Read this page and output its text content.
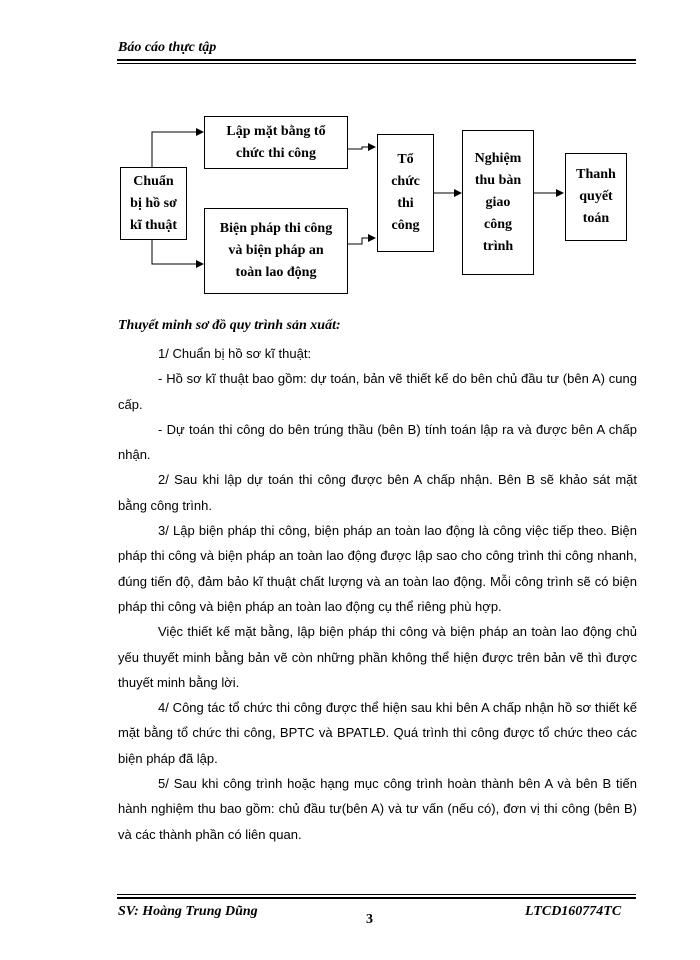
Báo cáo thực tập
Lập mặt bằng tổ
chức thi công
Chuẩn
bị hồ sơ
kĩ thuật	Biện pháp thi công
và biện pháp an
toàn lao động
Tổ
chức
thi
công
Nghiệm
thu bàn
giao
công
trình
Thanh
quyết
toán
Thuyết minh sơ đồ quy trình sản xuất:

1/ Chuẩn bị hồ sơ kĩ thuật:

- Hồ sơ kĩ thuật bao gồm: dự toán, bản vẽ thiết kế do bên chủ đầu tư (bên A) cung cấp.

- Dự toán thi công do bên trúng thầu (bên B) tính toán lập ra và được bên A chấp nhận.

2/ Sau khi lập dự toán thi công được bên A chấp nhận. Bên B sẽ khảo sát mặt bằng công trình.

3/ Lập biện pháp thi công, biện pháp an toàn lao động là công việc tiếp theo. Biện pháp thi công và biện pháp an toàn lao động được lập sao cho công trình thi công nhanh, đúng tiến độ, đảm bảo kĩ thuật chất lượng và an toàn lao động. Mỗi công trình sẽ có biện pháp thi công và biện pháp an toàn lao động cụ thể riêng phù hợp.

Việc thiết kế mặt bằng, lập biện pháp thi công và biện pháp an toàn lao động chủ yếu thuyết minh bằng bản vẽ còn những phần không thể hiện được trên bản vẽ thì được thuyết minh bằng lời.

4/ Công tác tổ chức thi công được thể hiện sau khi bên A chấp nhận hồ sơ thiết kế mặt bằng tổ chức thi công, BPTC và BPATLĐ. Quá trình thi công được tổ chức theo các biện pháp đã lập.

5/ Sau khi công trình hoặc hạng mục công trình hoàn thành bên A và bên B tiến hành nghiệm thu bao gồm: chủ đầu tư(bên A) và tư vấn (nếu có), đơn vị thi công (bên B) và các thành phần có liên quan.

SV: Hoàng Trung Dũng
3
LTCD160774TC
